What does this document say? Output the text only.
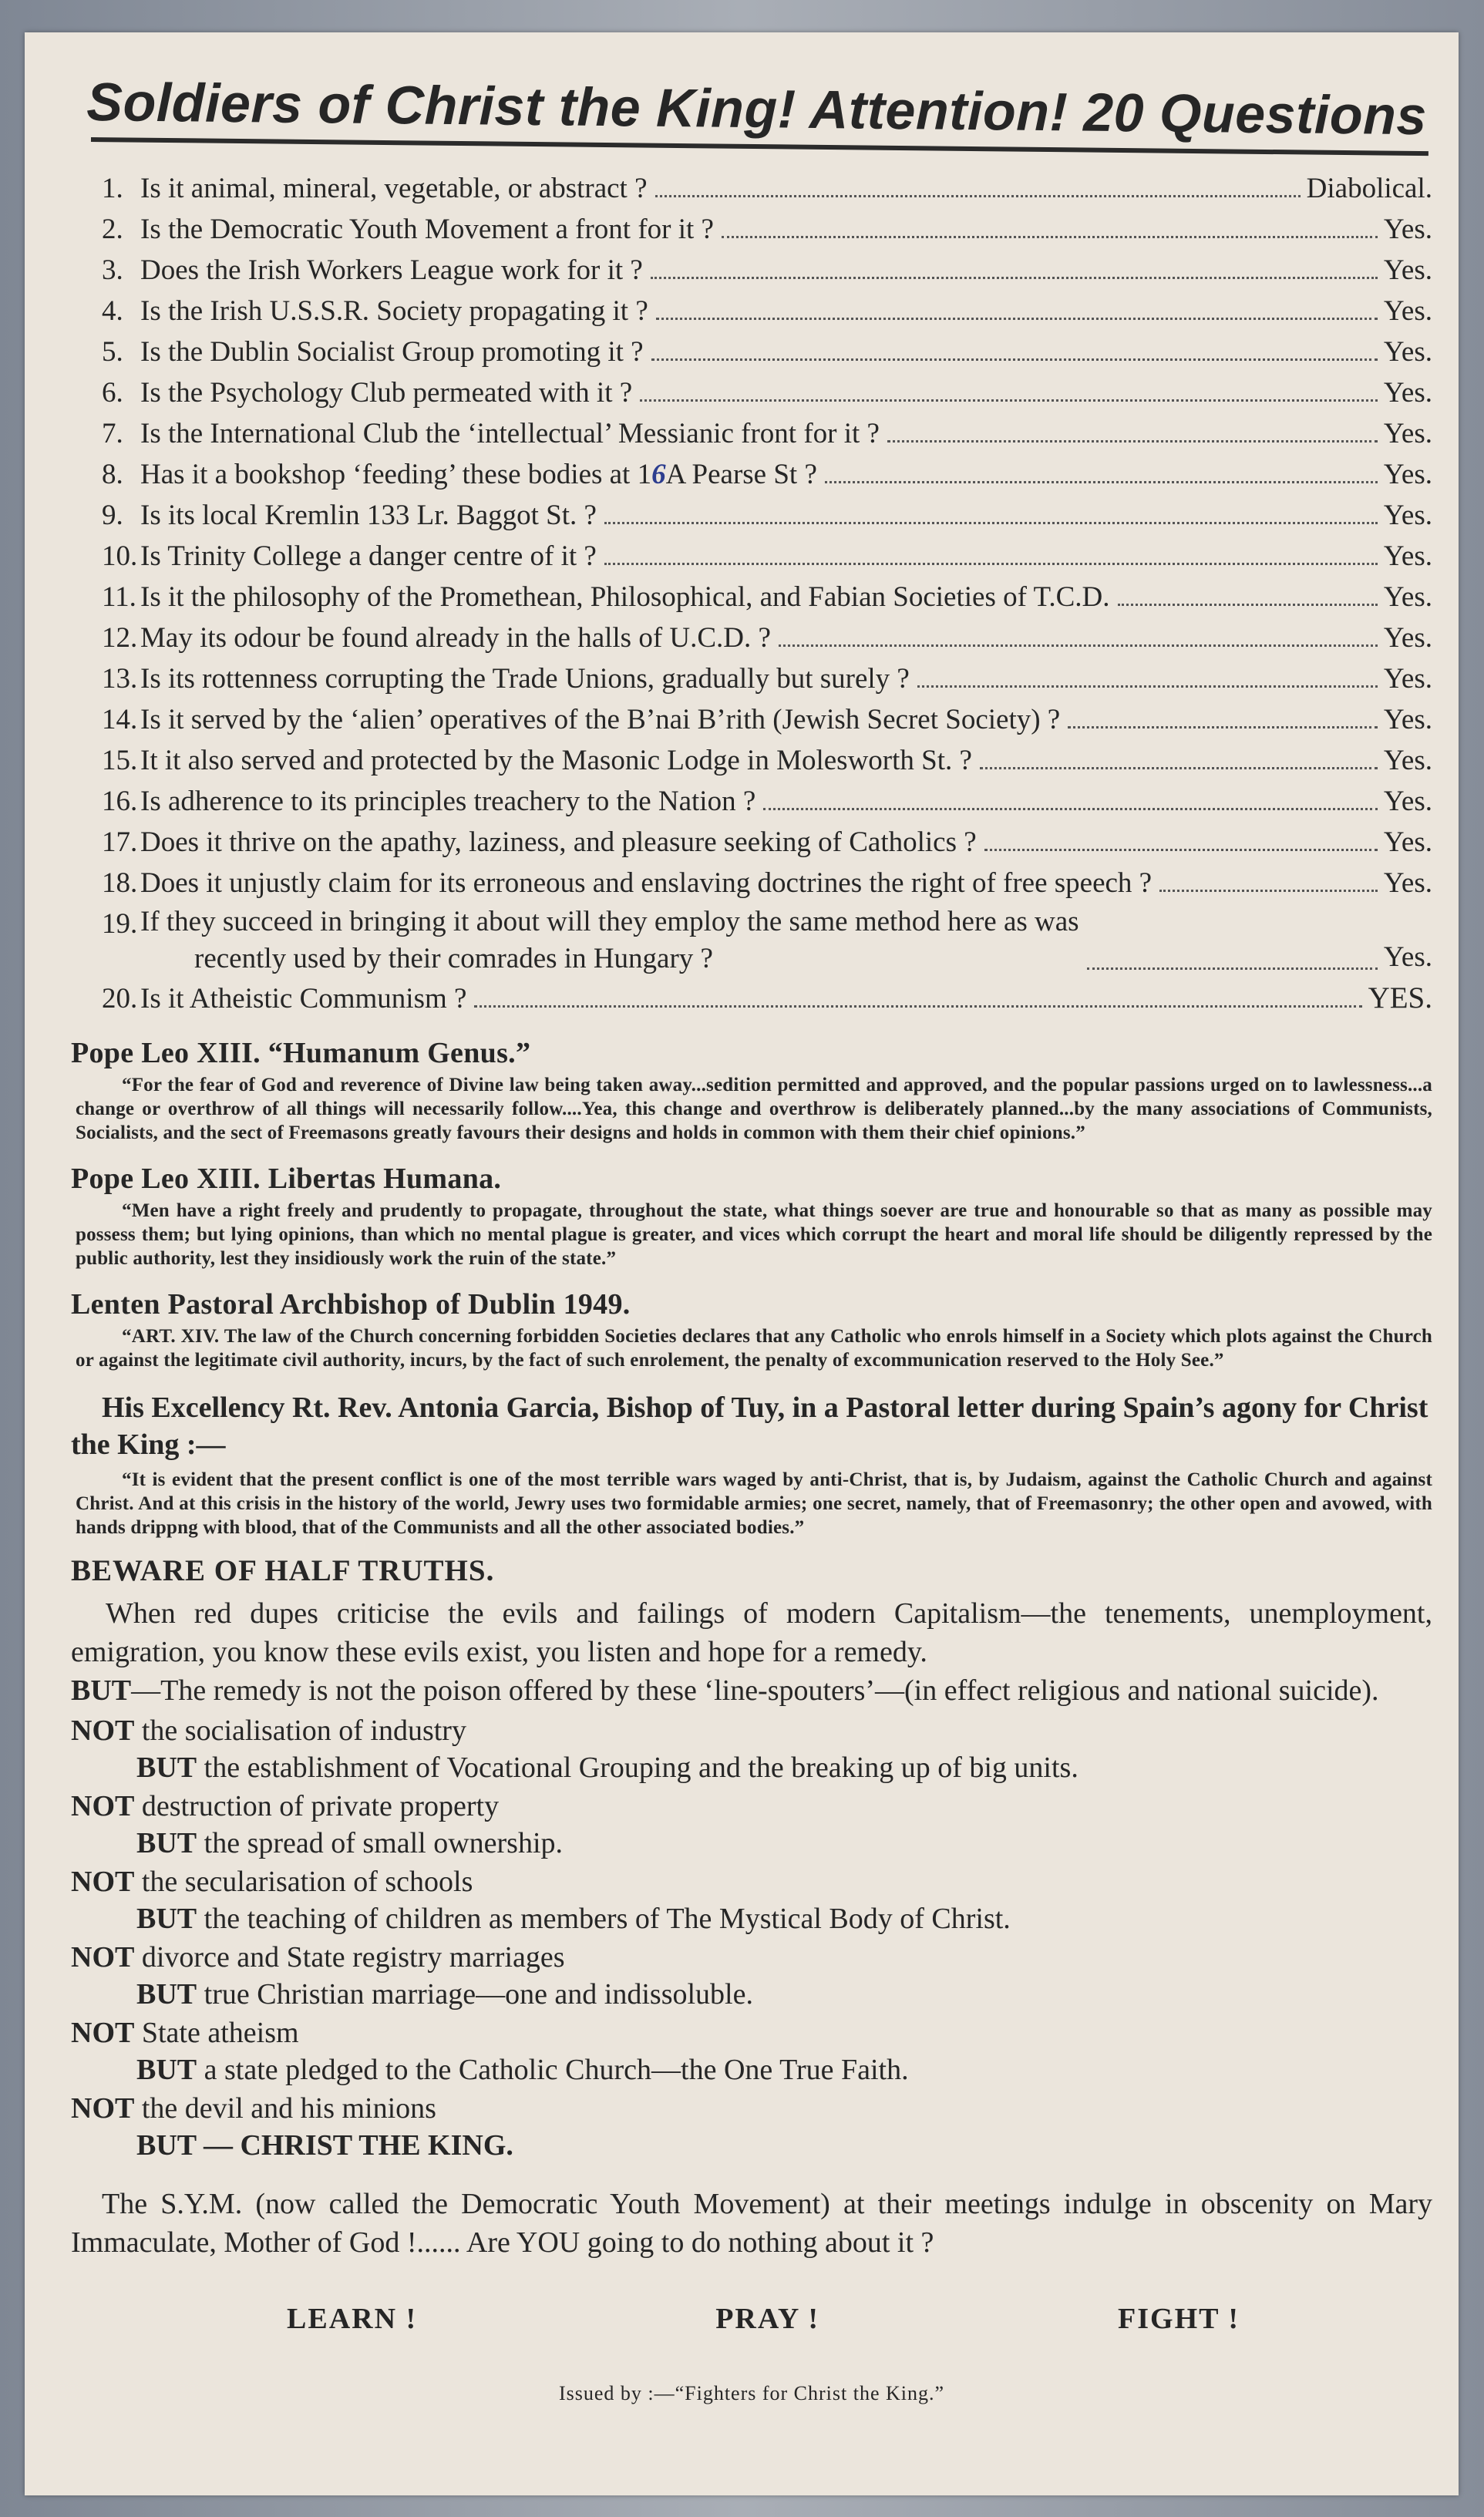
Soldiers of Christ the King! Attention! 20 Questions
1. Is it animal, mineral, vegetable, or abstract ?	Diabolical.
2. Is the Democratic Youth Movement a front for it ?	Yes.
3. Does the Irish Workers League work for it ?	Yes.
4. Is the Irish U.S.S.R. Society propagating it ?	Yes.
5. Is the Dublin Socialist Group promoting it ?	Yes.
6. Is the Psychology Club permeated with it ?	Yes.
7. Is the International Club the ‘intellectual’ Messianic front for it ?	Yes.
8. Has it a bookshop ‘feeding’ these bodies at 16A Pearse St ?	Yes.
9. Is its local Kremlin 133 Lr. Baggot St. ?	Yes.
10. Is Trinity College a danger centre of it ?	Yes.
11. Is it the philosophy of the Promethean, Philosophical, and Fabian Societies of T.C.D.	Yes.
12. May its odour be found already in the halls of U.C.D. ?	Yes.
13. Is its rottenness corrupting the Trade Unions, gradually but surely ?	Yes.
14. Is it served by the ‘alien’ operatives of the B’nai B’rith (Jewish Secret Society) ?	Yes.
15. It it also served and protected by the Masonic Lodge in Molesworth St. ?	Yes.
16. Is adherence to its principles treachery to the Nation ?	Yes.
17. Does it thrive on the apathy, laziness, and pleasure seeking of Catholics ?	Yes.
18. Does it unjustly claim for its erroneous and enslaving doctrines the right of free speech ?	Yes.
19. If they succeed in bringing it about will they employ the same method here as was
recently used by their comrades in Hungary ?	Yes.
20. Is it Atheistic Communism ?	YES.
Pope Leo XIII. “Humanum Genus.”

“For the fear of God and reverence of Divine law being taken away...sedition permitted and approved, and the popular passions urged on to lawlessness...a change or overthrow of all things will necessarily follow....Yea, this change and overthrow is deliberately planned...by the many associations of Communists, Socialists, and the sect of Freemasons greatly favours their designs and holds in common with them their chief opinions.”

Pope Leo XIII. Libertas Humana.

“Men have a right freely and prudently to propagate, throughout the state, what things soever are true and honourable so that as many as possible may possess them; but lying opinions, than which no mental plague is greater, and vices which corrupt the heart and moral life should be diligently repressed by the public authority, lest they insidiously work the ruin of the state.”

Lenten Pastoral Archbishop of Dublin 1949.

“ART. XIV. The law of the Church concerning forbidden Societies declares that any Catholic who enrols himself in a Society which plots against the Church or against the legitimate civil authority, incurs, by the fact of such enrolement, the penalty of excommunication reserved to the Holy See.”

His Excellency Rt. Rev. Antonia Garcia, Bishop of Tuy, in a Pastoral letter during Spain’s agony for Christ the King :—

“It is evident that the present conflict is one of the most terrible wars waged by anti-Christ, that is, by Judaism, against the Catholic Church and against Christ. And at this crisis in the history of the world, Jewry uses two formidable armies; one secret, namely, that of Freemasonry; the other open and avowed, with hands drippng with blood, that of the Communists and all the other associated bodies.”

BEWARE OF HALF TRUTHS.

When red dupes criticise the evils and failings of modern Capitalism—the tenements, unemployment, emigration, you know these evils exist, you listen and hope for a remedy.

BUT—The remedy is not the poison offered by these ‘line-spouters’—(in effect religious and national suicide).

NOT the socialisation of industry

BUT the establishment of Vocational Grouping and the breaking up of big units.

NOT destruction of private property

BUT the spread of small ownership.

NOT the secularisation of schools

BUT the teaching of children as members of The Mystical Body of Christ.

NOT divorce and State registry marriages

BUT true Christian marriage—one and indissoluble.

NOT State atheism

BUT a state pledged to the Catholic Church—the One True Faith.

NOT the devil and his minions

BUT — CHRIST THE KING.

The S.Y.M. (now called the Democratic Youth Movement) at their meetings indulge in obscenity on Mary Immaculate, Mother of God !...... Are YOU going to do nothing about it ?

LEARN !	PRAY !	FIGHT !
Issued by :—“Fighters for Christ the King.”
